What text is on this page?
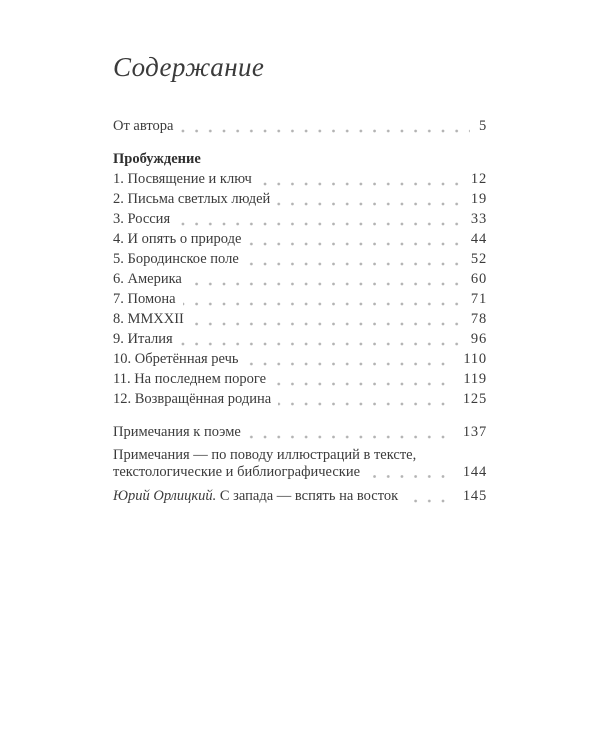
Содержание
От автора	5
Пробуждение
1. Посвящение и ключ	12
2. Письма светлых людей	19
3. Россия	33
4. И опять о природе	44
5. Бородинское поле	52
6. Америка	60
7. Помона	71
8. MMXXII	78
9. Италия	96
10. Обретённая речь	110
11. На последнем пороге	119
12. Возвращённая родина	125
Примечания к поэме	137
Примечания — по поводу иллюстраций в тексте,
текстологические и библиографические	144
Юрий Орлицкий. С запада — вспять на восток	145
